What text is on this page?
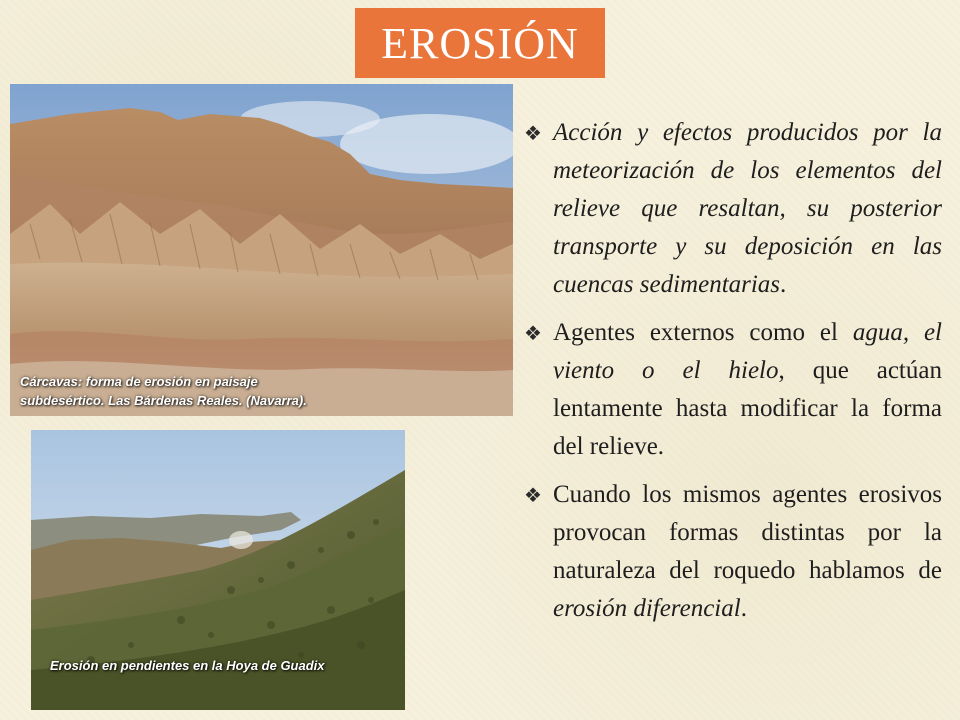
EROSIÓN
Cárcavas: forma de erosión en paisaje
subdesértico. Las Bárdenas Reales. (Navarra).
Erosión en pendientes en la Hoya de Guadix
❖ Acción y efectos producidos por la meteorización de los elementos del relieve que resaltan, su posterior transporte y su deposición en las cuencas sedimentarias.
❖ Agentes externos como el agua, el viento o el hielo, que actúan lentamente hasta modificar la forma del relieve.
❖ Cuando los mismos agentes erosivos provocan formas distintas por la naturaleza del roquedo hablamos de erosión diferencial.
